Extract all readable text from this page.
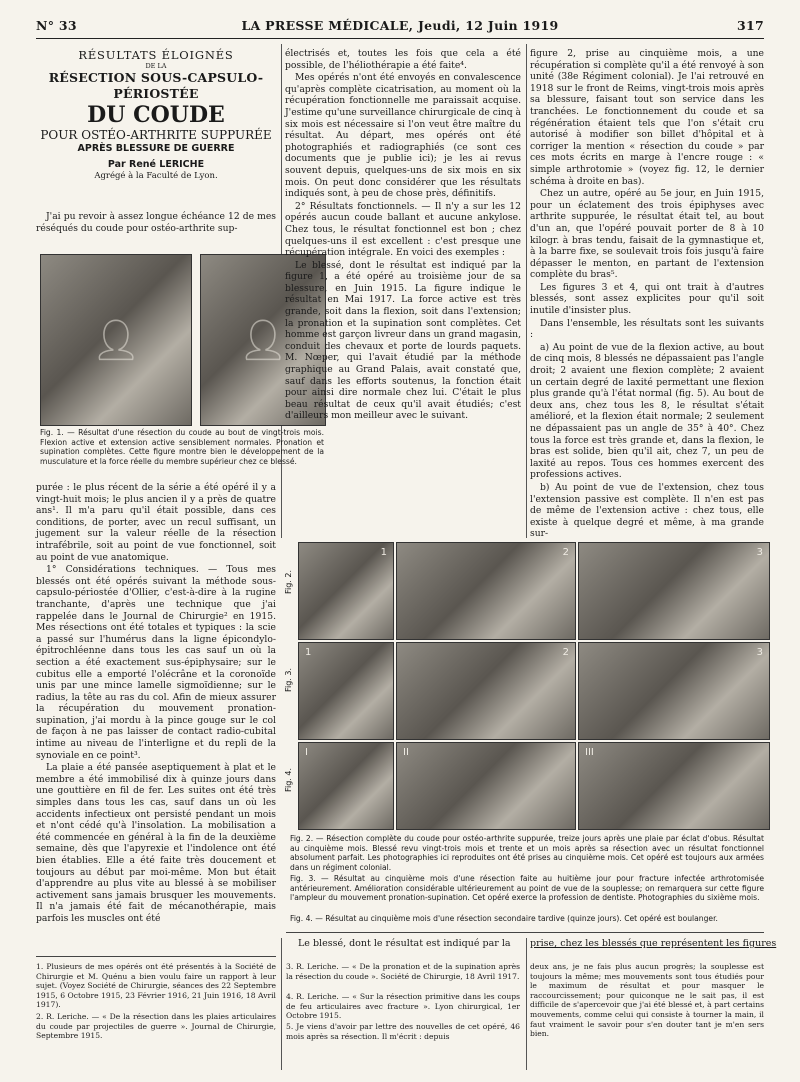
N° 33	LA PRESSE MÉDICALE, Jeudi, 12 Juin 1919	317
RÉSULTATS ÉLOIGNÉS
DE LA
RÉSECTION SOUS-CAPSULO-PÉRIOSTÉE
DU COUDE
POUR OSTÉO-ARTHRITE SUPPURÉE
APRÈS BLESSURE DE GUERRE
Par René LERICHE
Agrégé à la Faculté de Lyon.

J'ai pu revoir à assez longue échéance 12 de mes réséqués du coude pour ostéo-arthrite sup-

👤︎ 👤︎
Fig. 1. — Résultat d'une résection du coude au bout de vingt-trois mois. Flexion active et extension active sensiblement normales. Pronation et supination complètes. Cette figure montre bien le développement de la musculature et la force réelle du membre supérieur chez ce blessé.

purée : le plus récent de la série a été opéré il y a vingt-huit mois; le plus ancien il y a près de quatre ans¹. Il m'a paru qu'il était possible, dans ces conditions, de porter, avec un recul suffisant, un jugement sur la valeur réelle de la résection intrafébrile, soit au point de vue fonctionnel, soit au point de vue anatomique.

1° Considérations techniques. — Tous mes blessés ont été opérés suivant la méthode sous-capsulo-périostée d'Ollier, c'est-à-dire à la rugine tranchante, d'après une technique que j'ai rappelée dans le Journal de Chirurgie² en 1915. Mes résections ont été totales et typiques : la scie a passé sur l'humérus dans la ligne épicondylo-épitrochléenne dans tous les cas sauf un où la section a été exactement sus-épiphysaire; sur le cubitus elle a emporté l'olécrâne et la coronoïde unis par une mince lamelle sigmoïdienne; sur le radius, la tête au ras du col. Afin de mieux assurer la récupération du mouvement pronation-supination, j'ai mordu à la pince gouge sur le col de façon à ne pas laisser de contact radio-cubital intime au niveau de l'interligne et du repli de la synoviale en ce point³.

La plaie a été pansée aseptiquement à plat et le membre a été immobilisé dix à quinze jours dans une gouttière en fil de fer. Les suites ont été très simples dans tous les cas, sauf dans un où les accidents infectieux ont persisté pendant un mois et n'ont cédé qu'à l'insolation. La mobilisation a été commencée en général à la fin de la deuxième semaine, dès que l'apyrexie et l'indolence ont été bien établies. Elle a été faite très doucement et toujours au début par moi-même. Mon but était d'apprendre au plus vite au blessé à se mobiliser activement sans jamais brusquer les mouvements. Il n'a jamais été fait de mécanothérapie, mais parfois les muscles ont été

électrisés et, toutes les fois que cela a été possible, de l'héliothérapie a été faite⁴.

Mes opérés n'ont été envoyés en convalescence qu'après complète cicatrisation, au moment où la récupération fonctionnelle me paraissait acquise. J'estime qu'une surveillance chirurgicale de cinq à six mois est nécessaire si l'on veut être maître du résultat. Au départ, mes opérés ont été photographiés et radiographiés (ce sont ces documents que je publie ici); je les ai revus souvent depuis, quelques-uns de six mois en six mois. On peut donc considérer que les résultats indiqués sont, à peu de chose près, définitifs.

2° Résultats fonctionnels. — Il n'y a sur les 12 opérés aucun coude ballant et aucune ankylose. Chez tous, le résultat fonctionnel est bon ; chez quelques-uns il est excellent : c'est presque une récupération intégrale. En voici des exemples :

Le blessé, dont le résultat est indiqué par la figure 1, a été opéré au troisième jour de sa blessure, en Juin 1915. La figure indique le résultat en Mai 1917. La force active est très grande, soit dans la flexion, soit dans l'extension; la pronation et la supination sont complètes. Cet homme est garçon livreur dans un grand magasin, conduit des chevaux et porte de lourds paquets. M. Nœper, qui l'avait étudié par la méthode graphique au Grand Palais, avait constaté que, sauf dans les efforts soutenus, la fonction était pour ainsi dire normale chez lui. C'était le plus beau résultat de ceux qu'il avait étudiés; c'est d'ailleurs mon meilleur avec le suivant.

figure 2, prise au cinquième mois, a une récupération si complète qu'il a été renvoyé à son unité (38e Régiment colonial). Je l'ai retrouvé en 1918 sur le front de Reims, vingt-trois mois après sa blessure, faisant tout son service dans les tranchées. Le fonctionnement du coude et sa régénération étaient tels que l'on s'était cru autorisé à modifier son billet d'hôpital et à corriger la mention « résection du coude » par ces mots écrits en marge à l'encre rouge : « simple arthrotomie » (voyez fig. 12, le dernier schéma à droite en bas).

Chez un autre, opéré au 5e jour, en Juin 1915, pour un éclatement des trois épiphyses avec arthrite suppurée, le résultat était tel, au bout d'un an, que l'opéré pouvait porter de 8 à 10 kilogr. à bras tendu, faisait de la gymnastique et, à la barre fixe, se soulevait trois fois jusqu'à faire dépasser le menton, en partant de l'extension complète du bras⁵.

Les figures 3 et 4, qui ont trait à d'autres blessés, sont assez explicites pour qu'il soit inutile d'insister plus.

Dans l'ensemble, les résultats sont les suivants :

a) Au point de vue de la flexion active, au bout de cinq mois, 8 blessés ne dépassaient pas l'angle droit; 2 avaient une flexion complète; 2 avaient un certain degré de laxité permettant une flexion plus grande qu'à l'état normal (fig. 5). Au bout de deux ans, chez tous les 8, le résultat s'était amélioré, et la flexion était normale; 2 seulement ne dépassaient pas un angle de 35° à 40°. Chez tous la force est très grande et, dans la flexion, le bras est solide, bien qu'il ait, chez 7, un peu de laxité au repos. Tous ces hommes exercent des professions actives.

b) Au point de vue de l'extension, chez tous l'extension passive est complète. Il n'en est pas de même de l'extension active : chez tous, elle existe à quelque degré et même, à ma grande sur-

Fig. 2.
Fig. 3.
Fig. 4.
1	2	3
1	2	3
I	II	III
Fig. 2. — Résection complète du coude pour ostéo-arthrite suppurée, treize jours après une plaie par éclat d'obus. Résultat au cinquième mois. Blessé revu vingt-trois mois et trente et un mois après sa résection avec un résultat fonctionnel absolument parfait. Les photographies ici reproduites ont été prises au cinquième mois. Cet opéré est toujours aux armées dans un régiment colonial.
Fig. 3. — Résultat au cinquième mois d'une résection faite au huitième jour pour fracture infectée arthrotomisée antérieurement. Amélioration considérable ultérieurement au point de vue de la souplesse; on remarquera sur cette figure l'ampleur du mouvement pronation-supination. Cet opéré exerce la profession de dentiste. Photographies du sixième mois.
Fig. 4. — Résultat au cinquième mois d'une résection secondaire tardive (quinze jours). Cet opéré est boulanger.
Le blessé, dont le résultat est indiqué par la prise, chez les blessés que représentent les figures
1. Plusieurs de mes opérés ont été présentés à la Société de Chirurgie et M. Quénu a bien voulu faire un rapport à leur sujet. (Voyez Société de Chirurgie, séances des 22 Septembre 1915, 6 Octobre 1915, 23 Février 1916, 21 Juin 1916, 18 Avril 1917).
2. R. Leriche. — « De la résection dans les plaies articulaires du coude par projectiles de guerre ». Journal de Chirurgie, Septembre 1915.
3. R. Leriche. — « De la pronation et de la supination après la résection du coude ». Société de Chirurgie, 18 Avril 1917.
4. R. Leriche. — « Sur la résection primitive dans les coups de feu articulaires avec fracture ». Lyon chirurgical, 1er Octobre 1915.
5. Je viens d'avoir par lettre des nouvelles de cet opéré, 46 mois après sa résection. Il m'écrit : depuis
deux ans, je ne fais plus aucun progrès; la souplesse est toujours la même; mes mouvements sont tous étudiés pour le maximum de résultat et pour masquer le raccourcissement; pour quiconque ne le sait pas, il est difficile de s'apercevoir que j'ai été blessé et, à part certains mouvements, comme celui qui consiste à tourner la main, il faut vraiment le savoir pour s'en douter tant je m'en sers bien.
